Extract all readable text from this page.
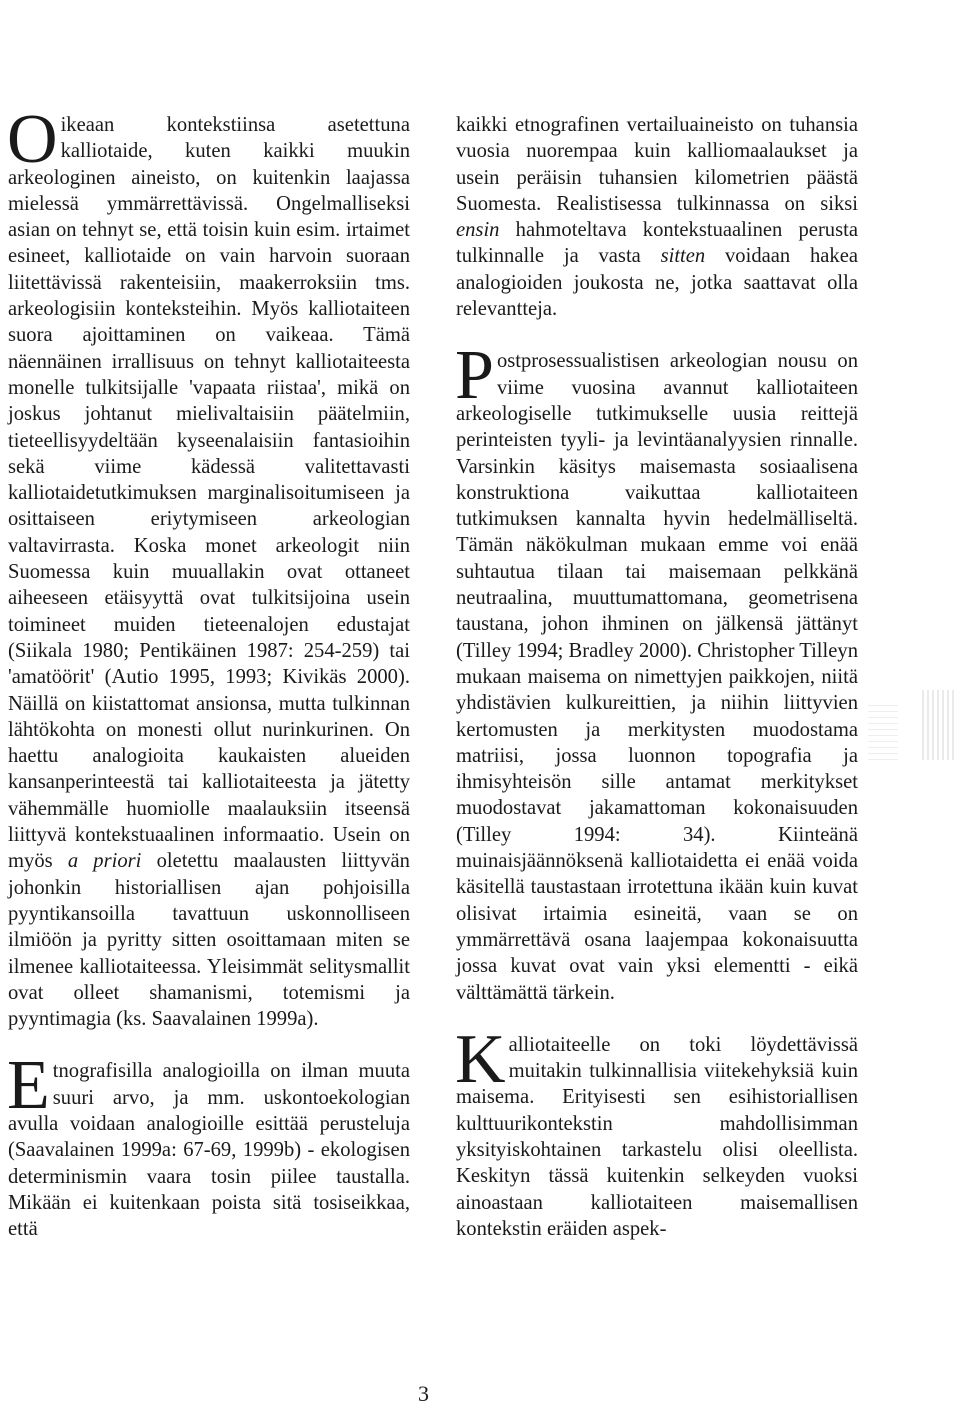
Oikeaan kontekstiinsa asetettuna kalliotaide, kuten kaikki muukin arkeologinen aineisto, on kuitenkin laajassa mielessä ymmärrettävissä. Ongelmalliseksi asian on tehnyt se, että toisin kuin esim. irtaimet esineet, kalliotaide on vain harvoin suoraan liitettävissä rakenteisiin, maakerroksiin tms. arkeologisiin konteksteihin. Myös kalliotaiteen suora ajoittaminen on vaikeaa. Tämä näennäinen irrallisuus on tehnyt kalliotaiteesta monelle tulkitsijalle 'vapaata riistaa', mikä on joskus johtanut mielivaltaisiin päätelmiin, tieteellisyydeltään kyseenalaisiin fantasioihin sekä viime kädessä valitettavasti kalliotaidetutkimuksen marginalisoitumiseen ja osittaiseen eriytymiseen arkeologian valtavirrasta. Koska monet arkeologit niin Suomessa kuin muuallakin ovat ottaneet aiheeseen etäisyyttä ovat tulkitsijoina usein toimineet muiden tieteenalojen edustajat (Siikala 1980; Pentikäinen 1987: 254-259) tai 'amatöörit' (Autio 1995, 1993; Kivikäs 2000). Näillä on kiistattomat ansionsa, mutta tulkinnan lähtökohta on monesti ollut nurinkurinen. On haettu analogioita kaukaisten alueiden kansanperinteestä tai kalliotaiteesta ja jätetty vähemmälle huomiolle maalauksiin itseensä liittyvä kontekstuaalinen informaatio. Usein on myös a priori oletettu maalausten liittyvän johonkin historiallisen ajan pohjoisilla pyyntikansoilla tavattuun uskonnolliseen ilmiöön ja pyritty sitten osoittamaan miten se ilmenee kalliotaiteessa. Yleisimmät selitysmallit ovat olleet shamanismi, totemismi ja pyyntimagia (ks. Saavalainen 1999a).

Etnografisilla analogioilla on ilman muuta suuri arvo, ja mm. uskontoekologian avulla voidaan analogioille esittää perusteluja (Saavalainen 1999a: 67-69, 1999b) - ekologisen determinismin vaara tosin piilee taustalla. Mikään ei kuitenkaan poista sitä tosiseikkaa, että

kaikki etnografinen vertailuaineisto on tuhansia vuosia nuorempaa kuin kalliomaalaukset ja usein peräisin tuhansien kilometrien päästä Suomesta. Realistisessa tulkinnassa on siksi ensin hahmoteltava kontekstuaalinen perusta tulkinnalle ja vasta sitten voidaan hakea analogioiden joukosta ne, jotka saattavat olla relevantteja.

Postprosessualistisen arkeologian nousu on viime vuosina avannut kalliotaiteen arkeologiselle tutkimukselle uusia reittejä perinteisten tyyli- ja levintäanalyysien rinnalle. Varsinkin käsitys maisemasta sosiaalisena konstruktiona vaikuttaa kalliotaiteen tutkimuksen kannalta hyvin hedelmälliseltä. Tämän näkökulman mukaan emme voi enää suhtautua tilaan tai maisemaan pelkkänä neutraalina, muuttumattomana, geometrisena taustana, johon ihminen on jälkensä jättänyt (Tilley 1994; Bradley 2000). Christopher Tilleyn mukaan maisema on nimettyjen paikkojen, niitä yhdistävien kulkureittien, ja niihin liittyvien kertomusten ja merkitysten muodostama matriisi, jossa luonnon topografia ja ihmisyhteisön sille antamat merkitykset muodostavat jakamattoman kokonaisuuden (Tilley 1994: 34). Kiinteänä muinaisjäännöksenä kalliotaidetta ei enää voida käsitellä taustastaan irrotettuna ikään kuin kuvat olisivat irtaimia esineitä, vaan se on ymmärrettävä osana laajempaa kokonaisuutta jossa kuvat ovat vain yksi elementti - eikä välttämättä tärkein.

Kalliotaiteelle on toki löydettävissä muitakin tulkinnallisia viitekehyksiä kuin maisema. Erityisesti sen esihistoriallisen kulttuurikontekstin mahdollisimman yksityiskohtainen tarkastelu olisi oleellista. Keskityn tässä kuitenkin selkeyden vuoksi ainoastaan kalliotaiteen maisemallisen kontekstin eräiden aspek-

3
